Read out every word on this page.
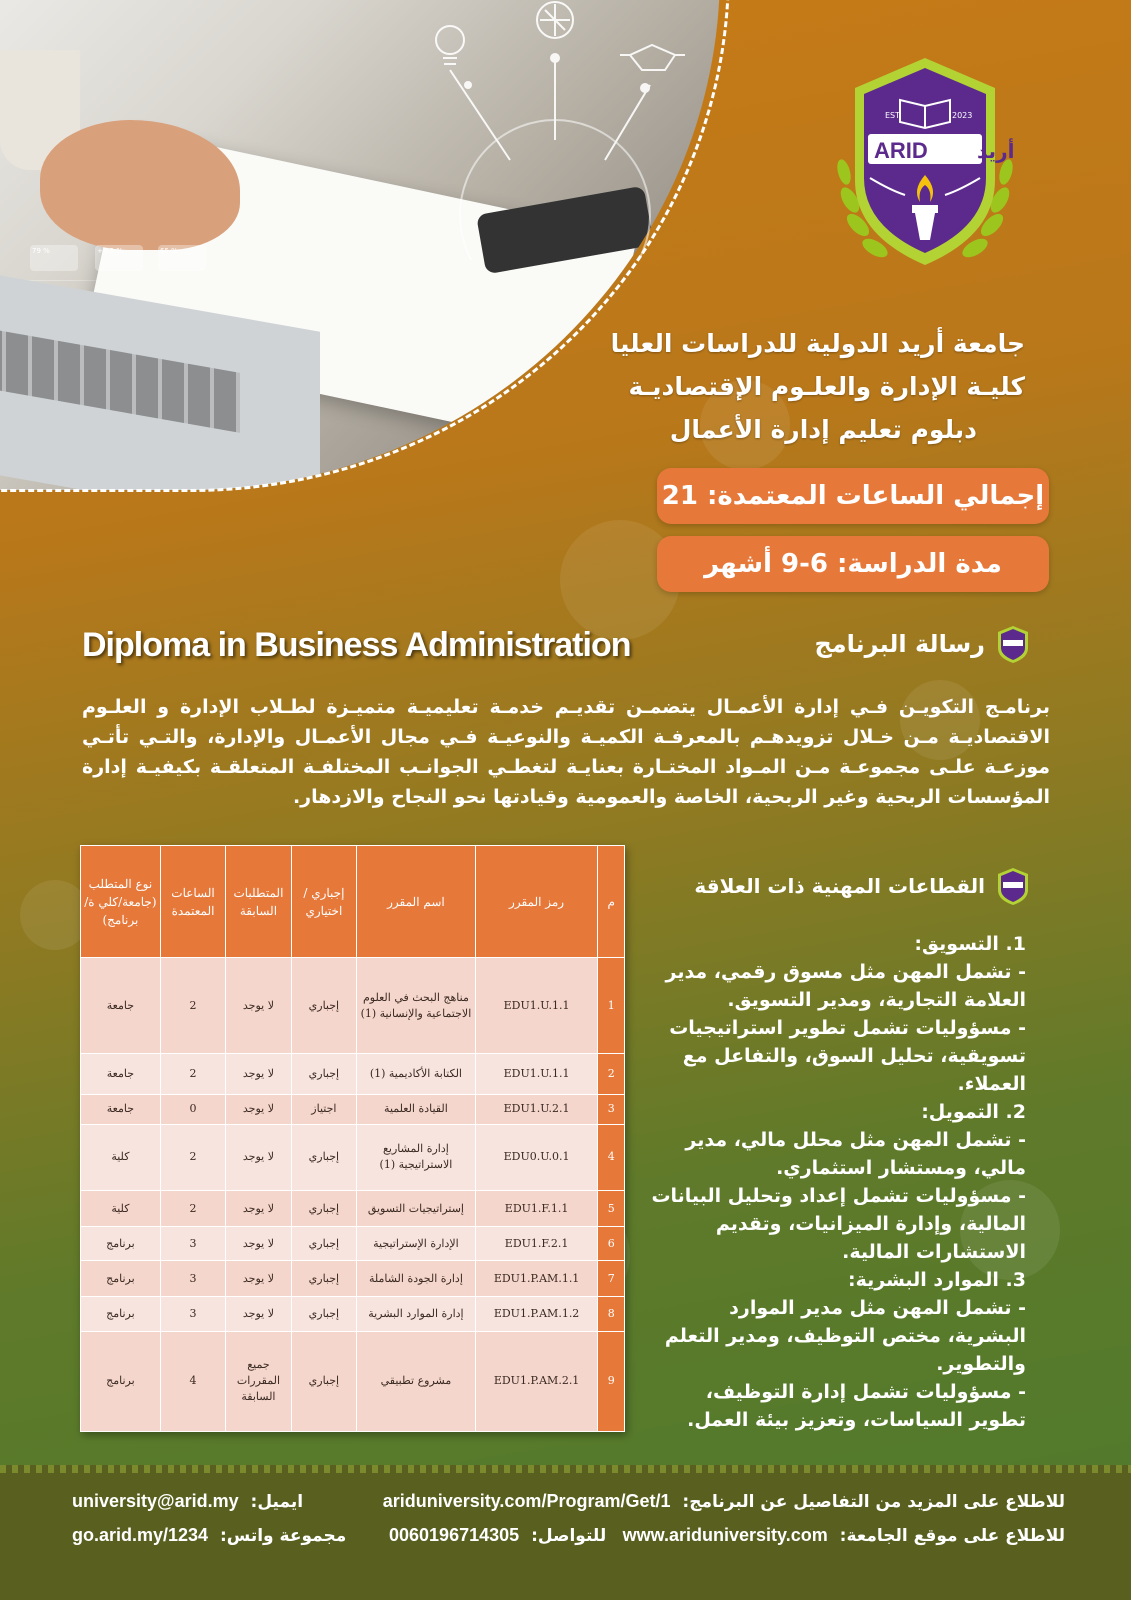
79 %	+8.3 %	65 %
EST	2023
ARID أريد
جامعة أريد الدولية للدراسات العليا
كليـة الإدارة والعلـوم الإقتصاديـة
دبلوم تعليم إدارة الأعمال
إجمالي الساعات المعتمدة: 21
مدة الدراسة: 6-9 أشهر
Diploma in Business Administration	رسالة البرنامج
برنامـج التكويـن فـي إدارة الأعمـال يتضمـن تقديـم خدمـة تعليميـة متميـزة لطـلاب الإدارة و العلـوم الاقتصاديـة مـن خـلال تزويدهـم بالمعرفـة الكميـة والنوعيـة فـي مجال الأعمـال والإدارة، والتـي تأتـي موزعـة علـى مجموعـة مـن المـواد المختـارة بعنايـة لتغطـي الجوانـب المختلفـة المتعلقـة بكيفيـة إدارة المؤسسات الربحية وغير الربحية، الخاصة والعمومية وقيادتها نحو النجاح والازدهار.
م	رمز المقرر	اسم المقرر	إجباري /اختياري	المتطلبات السابقة	الساعات المعتمدة	نوع المتطلب (جامعة/كلي ة/ برنامج)
1	EDU1.U.1.1	مناهج البحث في العلوم الاجتماعية والإنسانية (1)	إجباري	لا يوجد	2	جامعة
2	EDU1.U.1.1	الكتابة الأكاديمية (1)	إجباري	لا يوجد	2	جامعة
3	EDU1.U.2.1	القيادة العلمية	اجتياز	لا يوجد	0	جامعة
4	EDU0.U.0.1	إدارة المشاريع الاستراتيجية (1)	إجباري	لا يوجد	2	كلية
5	EDU1.F.1.1	إستراتيجيات التسويق	إجباري	لا يوجد	2	كلية
6	EDU1.F.2.1	الإدارة الإستراتيجية	إجباري	لا يوجد	3	برنامج
7	EDU1.P.AM.1.1	إدارة الجودة الشاملة	إجباري	لا يوجد	3	برنامج
8	EDU1.P.AM.1.2	إدارة الموارد البشرية	إجباري	لا يوجد	3	برنامج
9	EDU1.P.AM.2.1	مشروع تطبيقي	إجباري	جميع المقررات السابقة	4	برنامج
القطاعات المهنية ذات العلاقة
1. التسويق:
- تشمل المهن مثل مسوق رقمي، مدير العلامة التجارية، ومدير التسويق.
- مسؤوليات تشمل تطوير استراتيجيات تسويقية، تحليل السوق، والتفاعل مع العملاء.
2. التمويل:
- تشمل المهن مثل محلل مالي، مدير مالي، ومستشار استثماري.
- مسؤوليات تشمل إعداد وتحليل البيانات المالية، وإدارة الميزانيات، وتقديم الاستشارات المالية.
3. الموارد البشرية:
- تشمل المهن مثل مدير الموارد البشرية، مختص التوظيف، ومدير التعلم والتطوير.
- مسؤوليات تشمل إدارة التوظيف، تطوير السياسات، وتعزيز بيئة العمل.
ariduniversity.com/Program/Get/1 للاطلاع على المزيد من التفاصيل عن البرنامج:
university@arid.my ايميل:
www.ariduniversity.com للاطلاع على موقع الجامعة:
0060196714305 للتواصل:
go.arid.my/1234 مجموعة واتس:
